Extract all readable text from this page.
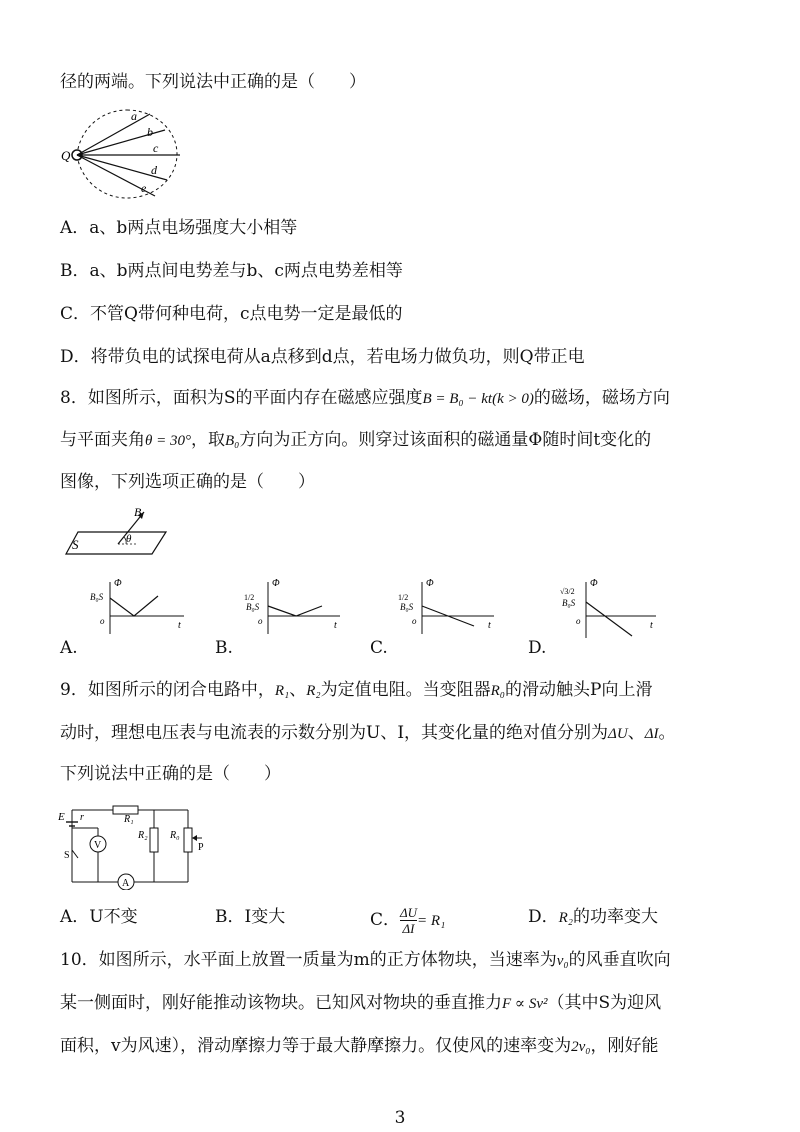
径的两端。下列说法中正确的是（　　）
Q
a
b
c
d
e
A．a、b两点电场强度大小相等
B．a、b两点间电势差与b、c两点电势差相等
C．不管Q带何种电荷，c点电势一定是最低的
D．将带负电的试探电荷从a点移到d点，若电场力做负功，则Q带正电
8．如图所示，面积为S的平面内存在磁感应强度B = B₀ − kt(k > 0)的磁场，磁场方向
与平面夹角θ = 30°，取B₀方向为正方向。则穿过该面积的磁通量Φ随时间t变化的
图像，下列选项正确的是（　　）
S
B
θ
Φ
B₀S
o	t
A.
Φ
1/2
B₀S
o	t
B.
Φ
1/2
B₀S
o	t
C.
Φ
√3/2
B₀S
o	t
D.
9．如图所示的闭合电路中，R₁、R₂为定值电阻。当变阻器R₀的滑动触头P向上滑
动时，理想电压表与电流表的示数分别为U、I，其变化量的绝对值分别为ΔU、ΔI。
下列说法中正确的是（　　）
A
E r
S
V
R₁
R₂ R₀
P
A．U不变	B．I变大	C． $\frac{\Delta U}{\Delta I} = R_1$	D．R₂的功率变大
10．如图所示，水平面上放置一质量为m的正方体物块，当速率为v₀的风垂直吹向
某一侧面时，刚好能推动该物块。已知风对物块的垂直推力F ∝ Sv²（其中S为迎风
面积，v为风速），滑动摩擦力等于最大静摩擦力。仅使风的速率变为2v₀，刚好能
3
